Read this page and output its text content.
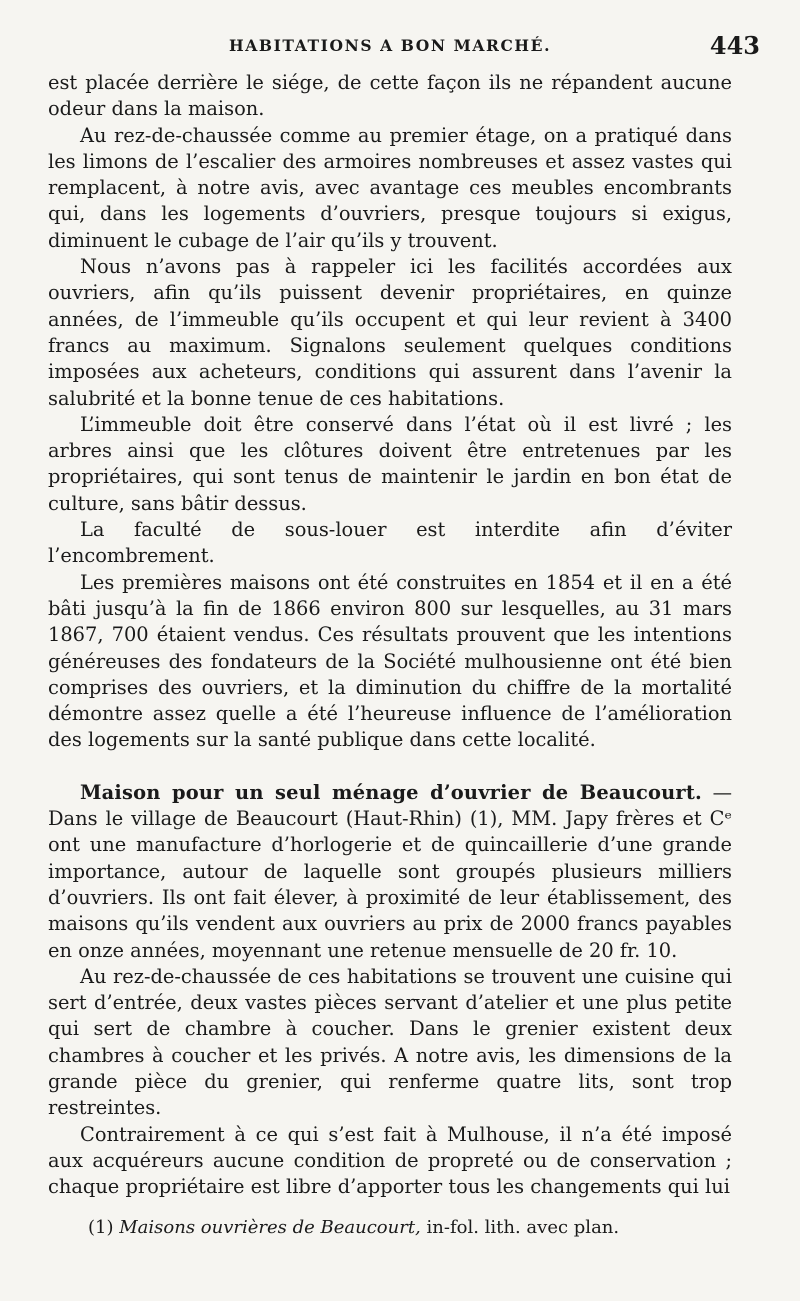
HABITATIONS A BON MARCHÉ.	443

est placée derrière le siége, de cette façon ils ne répandent aucune odeur dans la maison.

Au rez-de-chaussée comme au premier étage, on a pratiqué dans les limons de l’escalier des armoires nombreuses et assez vastes qui remplacent, à notre avis, avec avantage ces meubles encombrants qui, dans les logements d’ouvriers, presque toujours si exigus, diminuent le cubage de l’air qu’ils y trouvent.

Nous n’avons pas à rappeler ici les facilités accordées aux ouvriers, afin qu’ils puissent devenir propriétaires, en quinze années, de l’immeuble qu’ils occupent et qui leur revient à 3400 francs au maximum. Signalons seulement quelques conditions imposées aux acheteurs, conditions qui assurent dans l’avenir la salubrité et la bonne tenue de ces habitations.

L’immeuble doit être conservé dans l’état où il est livré ; les arbres ainsi que les clôtures doivent être entretenues par les propriétaires, qui sont tenus de maintenir le jardin en bon état de culture, sans bâtir dessus.

La faculté de sous-louer est interdite afin d’éviter l’encombrement.

Les premières maisons ont été construites en 1854 et il en a été bâti jusqu’à la fin de 1866 environ 800 sur lesquelles, au 31 mars 1867, 700 étaient vendus. Ces résultats prouvent que les intentions généreuses des fondateurs de la Société mulhousienne ont été bien comprises des ouvriers, et la diminution du chiffre de la mortalité démontre assez quelle a été l’heureuse influence de l’amélioration des logements sur la santé publique dans cette localité.

Maison pour un seul ménage d’ouvrier de Beaucourt. — Dans le village de Beaucourt (Haut-Rhin) (1), MM. Japy frères et Cᵉ ont une manufacture d’horlogerie et de quincaillerie d’une grande importance, autour de laquelle sont groupés plusieurs milliers d’ouvriers. Ils ont fait élever, à proximité de leur établissement, des maisons qu’ils vendent aux ouvriers au prix de 2000 francs payables en onze années, moyennant une retenue mensuelle de 20 fr. 10.

Au rez-de-chaussée de ces habitations se trouvent une cuisine qui sert d’entrée, deux vastes pièces servant d’atelier et une plus petite qui sert de chambre à coucher. Dans le grenier existent deux chambres à coucher et les privés. A notre avis, les dimensions de la grande pièce du grenier, qui renferme quatre lits, sont trop restreintes.

Contrairement à ce qui s’est fait à Mulhouse, il n’a été imposé aux acquéreurs aucune condition de propreté ou de conservation ; chaque propriétaire est libre d’apporter tous les changements qui lui

(1) Maisons ouvrières de Beaucourt, in-fol. lith. avec plan.
